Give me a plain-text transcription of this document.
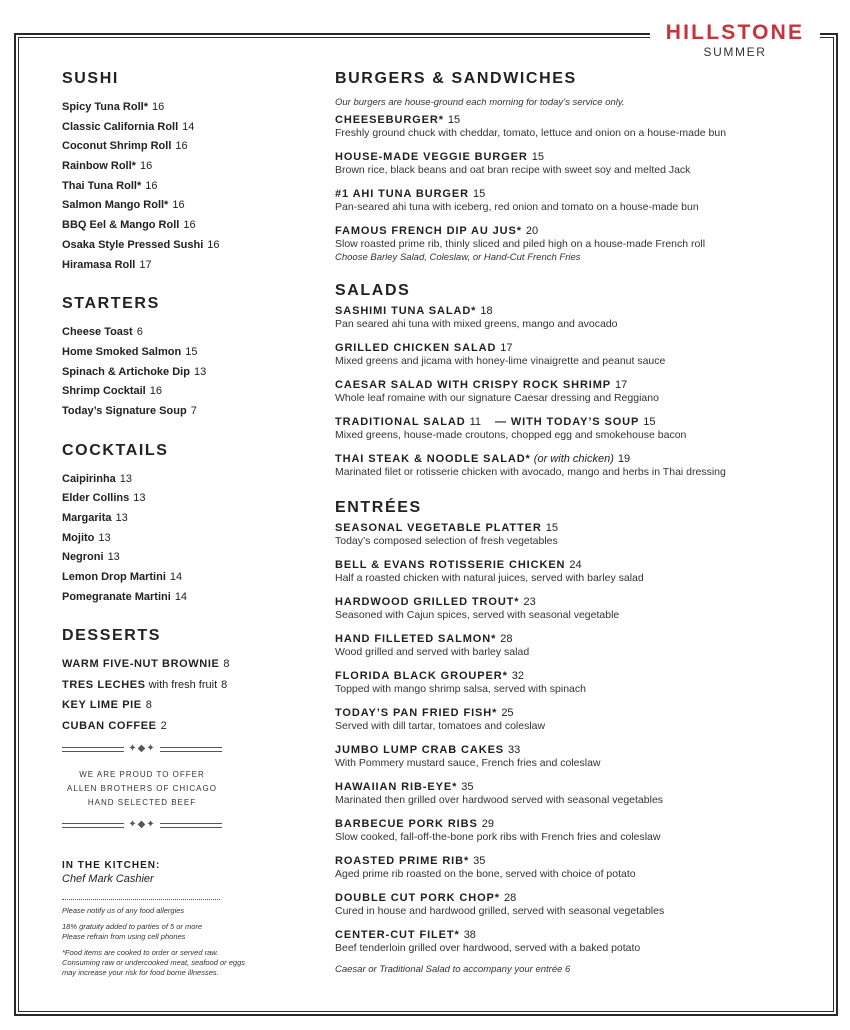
HILLSTONE
SUMMER
SUSHI
Spicy Tuna Roll* 16
Classic California Roll 14
Coconut Shrimp Roll 16
Rainbow Roll* 16
Thai Tuna Roll* 16
Salmon Mango Roll* 16
BBQ Eel & Mango Roll 16
Osaka Style Pressed Sushi 16
Hiramasa Roll 17
STARTERS
Cheese Toast 6
Home Smoked Salmon 15
Spinach & Artichoke Dip 13
Shrimp Cocktail 16
Today’s Signature Soup 7
COCKTAILS
Caipirinha 13
Elder Collins 13
Margarita 13
Mojito 13
Negroni 13
Lemon Drop Martini 14
Pomegranate Martini 14
DESSERTS
WARM FIVE-NUT BROWNIE 8
TRES LECHES with fresh fruit 8
KEY LIME PIE 8
CUBAN COFFEE 2
✦◆✦
WE ARE PROUD TO OFFER
ALLEN BROTHERS OF CHICAGO
HAND SELECTED BEEF
✦◆✦
IN THE KITCHEN:
Chef Mark Cashier
Please notify us of any food allergies
18% gratuity added to parties of 5 or more
Please refrain from using cell phones
*Food items are cooked to order or served raw.
Consuming raw or undercooked meat, seafood or eggs
may increase your risk for food borne illnesses.
BURGERS & SANDWICHES
Our burgers are house-ground each morning for today’s service only.
CHEESEBURGER* 15
Freshly ground chuck with cheddar, tomato, lettuce and onion on a house-made bun
HOUSE-MADE VEGGIE BURGER 15
Brown rice, black beans and oat bran recipe with sweet soy and melted Jack
#1 AHI TUNA BURGER 15
Pan-seared ahi tuna with iceberg, red onion and tomato on a house-made bun
FAMOUS FRENCH DIP AU JUS* 20
Slow roasted prime rib, thinly sliced and piled high on a house-made French roll
Choose Barley Salad, Coleslaw, or Hand-Cut French Fries
SALADS
SASHIMI TUNA SALAD* 18
Pan seared ahi tuna with mixed greens, mango and avocado
GRILLED CHICKEN SALAD 17
Mixed greens and jicama with honey-lime vinaigrette and peanut sauce
CAESAR SALAD WITH CRISPY ROCK SHRIMP 17
Whole leaf romaine with our signature Caesar dressing and Reggiano
TRADITIONAL SALAD 11 — WITH TODAY’S SOUP 15
Mixed greens, house-made croutons, chopped egg and smokehouse bacon
THAI STEAK & NOODLE SALAD* (or with chicken) 19
Marinated filet or rotisserie chicken with avocado, mango and herbs in Thai dressing
ENTRÉES
SEASONAL VEGETABLE PLATTER 15
Today’s composed selection of fresh vegetables
BELL & EVANS ROTISSERIE CHICKEN 24
Half a roasted chicken with natural juices, served with barley salad
HARDWOOD GRILLED TROUT* 23
Seasoned with Cajun spices, served with seasonal vegetable
HAND FILLETED SALMON* 28
Wood grilled and served with barley salad
FLORIDA BLACK GROUPER* 32
Topped with mango shrimp salsa, served with spinach
TODAY’S PAN FRIED FISH* 25
Served with dill tartar, tomatoes and coleslaw
JUMBO LUMP CRAB CAKES 33
With Pommery mustard sauce, French fries and coleslaw
HAWAIIAN RIB-EYE* 35
Marinated then grilled over hardwood served with seasonal vegetables
BARBECUE PORK RIBS 29
Slow cooked, fall-off-the-bone pork ribs with French fries and coleslaw
ROASTED PRIME RIB* 35
Aged prime rib roasted on the bone, served with choice of potato
DOUBLE CUT PORK CHOP* 28
Cured in house and hardwood grilled, served with seasonal vegetables
CENTER-CUT FILET* 38
Beef tenderloin grilled over hardwood, served with a baked potato
Caesar or Traditional Salad to accompany your entrée 6
